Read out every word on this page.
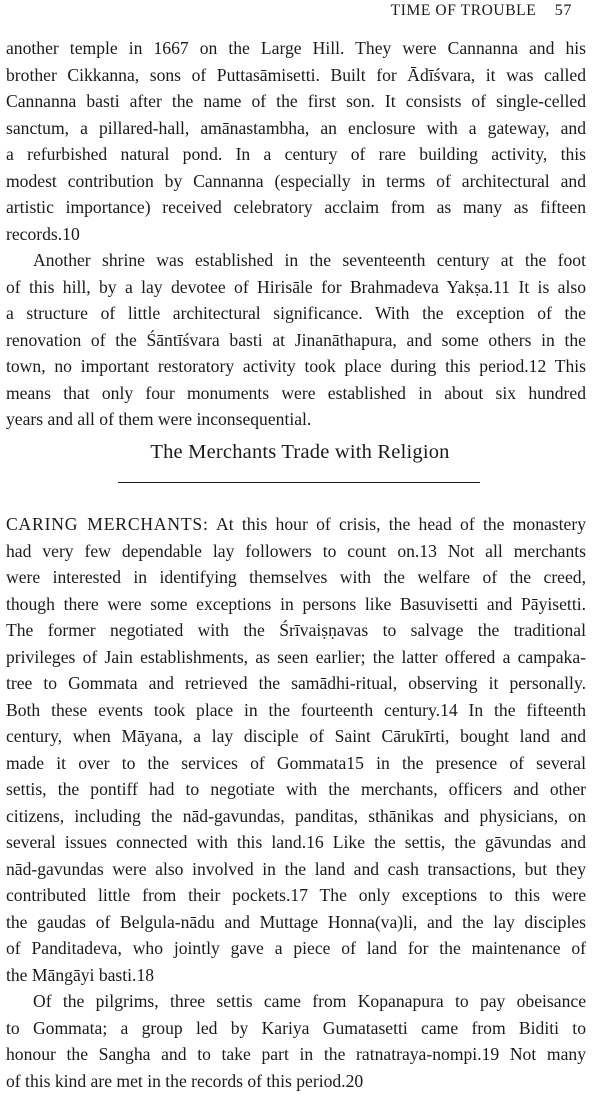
TIME OF TROUBLE 57
another temple in 1667 on the Large Hill. They were Cannanna and his
brother Cikkanna, sons of Puttasāmisetti. Built for Ādīśvara, it was called
Cannanna basti after the name of the first son. It consists of single-celled
sanctum, a pillared-hall, amānastambha, an enclosure with a gateway, and
a refurbished natural pond. In a century of rare building activity, this
modest contribution by Cannanna (especially in terms of architectural and
artistic importance) received celebratory acclaim from as many as fifteen
records.10
Another shrine was established in the seventeenth century at the foot
of this hill, by a lay devotee of Hirisāle for Brahmadeva Yakṣa.11 It is also
a structure of little architectural significance. With the exception of the
renovation of the Śāntīśvara basti at Jinanāthapura, and some others in the
town, no important restoratory activity took place during this period.12 This
means that only four monuments were established in about six hundred
years and all of them were inconsequential.
The Merchants Trade with Religion
CARING MERCHANTS: At this hour of crisis, the head of the monastery
had very few dependable lay followers to count on.13 Not all merchants
were interested in identifying themselves with the welfare of the creed,
though there were some exceptions in persons like Basuvisetti and Pāyisetti.
The former negotiated with the Śrīvaiṣṇavas to salvage the traditional
privileges of Jain establishments, as seen earlier; the latter offered a campaka-
tree to Gommata and retrieved the samādhi-ritual, observing it personally.
Both these events took place in the fourteenth century.14 In the fifteenth
century, when Māyana, a lay disciple of Saint Cārukīrti, bought land and
made it over to the services of Gommata15 in the presence of several
settis, the pontiff had to negotiate with the merchants, officers and other
citizens, including the nād-gavundas, panditas, sthānikas and physicians, on
several issues connected with this land.16 Like the settis, the gāvundas and
nād-gavundas were also involved in the land and cash transactions, but they
contributed little from their pockets.17 The only exceptions to this were
the gaudas of Belgula-nādu and Muttage Honna(va)li, and the lay disciples
of Panditadeva, who jointly gave a piece of land for the maintenance of
the Māngāyi basti.18
Of the pilgrims, three settis came from Kopanapura to pay obeisance
to Gommata; a group led by Kariya Gumatasetti came from Biditi to
honour the Sangha and to take part in the ratnatraya-nompi.19 Not many
of this kind are met in the records of this period.20
